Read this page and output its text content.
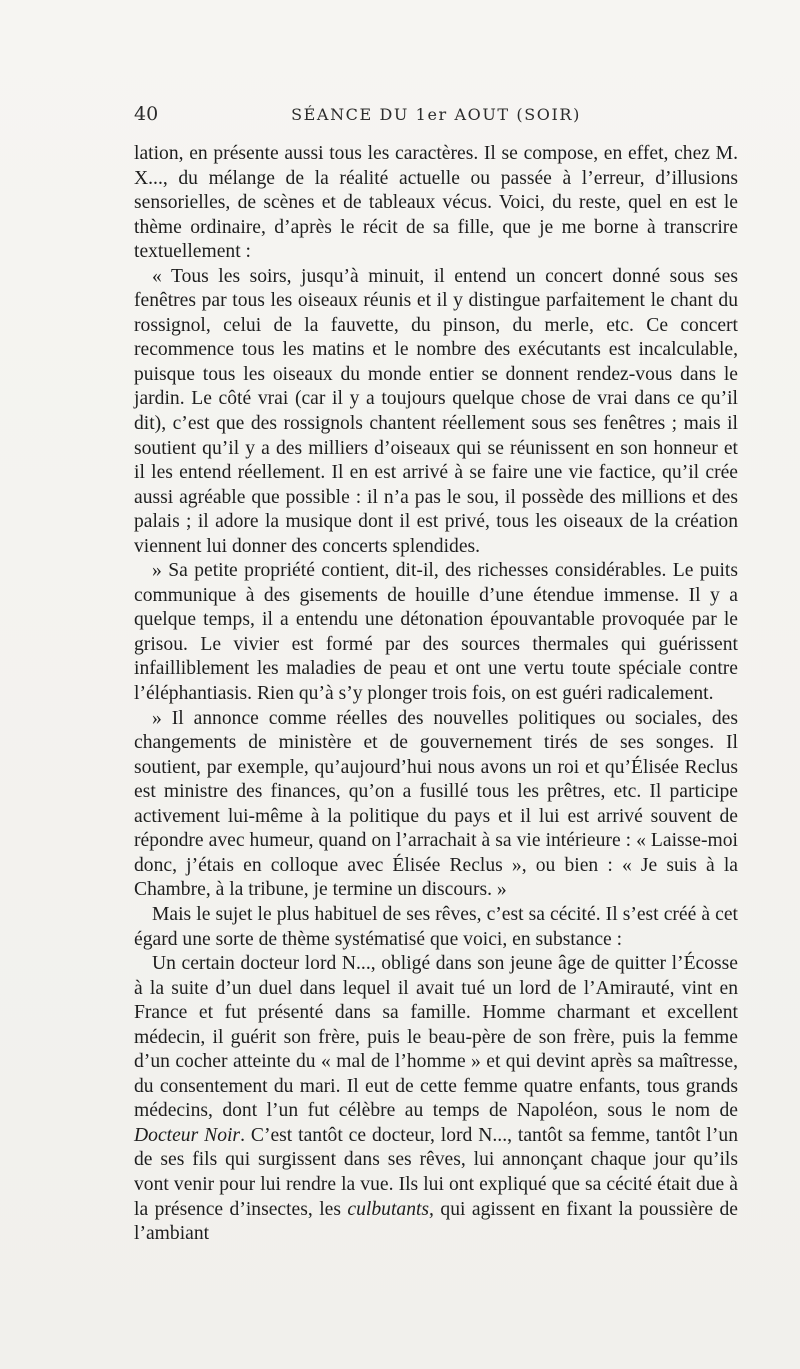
40	SÉANCE DU 1er AOUT (SOIR)

lation, en présente aussi tous les caractères. Il se compose, en effet, chez M. X..., du mélange de la réalité actuelle ou passée à l’erreur, d’illusions sensorielles, de scènes et de tableaux vécus. Voici, du reste, quel en est le thème ordinaire, d’après le récit de sa fille, que je me borne à transcrire textuellement :

« Tous les soirs, jusqu’à minuit, il entend un concert donné sous ses fenêtres par tous les oiseaux réunis et il y distingue parfaitement le chant du rossignol, celui de la fauvette, du pinson, du merle, etc. Ce concert recommence tous les matins et le nombre des exécutants est incalculable, puisque tous les oiseaux du monde entier se donnent rendez-vous dans le jardin. Le côté vrai (car il y a toujours quelque chose de vrai dans ce qu’il dit), c’est que des rossignols chantent réellement sous ses fenêtres ; mais il soutient qu’il y a des milliers d’oiseaux qui se réunissent en son honneur et il les entend réellement. Il en est arrivé à se faire une vie factice, qu’il crée aussi agréable que possible : il n’a pas le sou, il possède des millions et des palais ; il adore la musique dont il est privé, tous les oiseaux de la création viennent lui donner des concerts splendides.

» Sa petite propriété contient, dit-il, des richesses considérables. Le puits communique à des gisements de houille d’une étendue immense. Il y a quelque temps, il a entendu une détonation épouvantable provoquée par le grisou. Le vivier est formé par des sources thermales qui guérissent infailliblement les maladies de peau et ont une vertu toute spéciale contre l’éléphantiasis. Rien qu’à s’y plonger trois fois, on est guéri radicalement.

» Il annonce comme réelles des nouvelles politiques ou sociales, des changements de ministère et de gouvernement tirés de ses songes. Il soutient, par exemple, qu’aujourd’hui nous avons un roi et qu’Élisée Reclus est ministre des finances, qu’on a fusillé tous les prêtres, etc. Il participe activement lui-même à la politique du pays et il lui est arrivé souvent de répondre avec humeur, quand on l’arrachait à sa vie intérieure : « Laisse-moi donc, j’étais en colloque avec Élisée Reclus », ou bien : « Je suis à la Chambre, à la tribune, je termine un discours. »

Mais le sujet le plus habituel de ses rêves, c’est sa cécité. Il s’est créé à cet égard une sorte de thème systématisé que voici, en substance :

Un certain docteur lord N..., obligé dans son jeune âge de quitter l’Écosse à la suite d’un duel dans lequel il avait tué un lord de l’Amirauté, vint en France et fut présenté dans sa famille. Homme charmant et excellent médecin, il guérit son frère, puis le beau-père de son frère, puis la femme d’un cocher atteinte du « mal de l’homme » et qui devint après sa maîtresse, du consentement du mari. Il eut de cette femme quatre enfants, tous grands médecins, dont l’un fut célèbre au temps de Napoléon, sous le nom de Docteur Noir. C’est tantôt ce docteur, lord N..., tantôt sa femme, tantôt l’un de ses fils qui surgissent dans ses rêves, lui annonçant chaque jour qu’ils vont venir pour lui rendre la vue. Ils lui ont expliqué que sa cécité était due à la présence d’insectes, les culbutants, qui agissent en fixant la poussière de l’ambiant
